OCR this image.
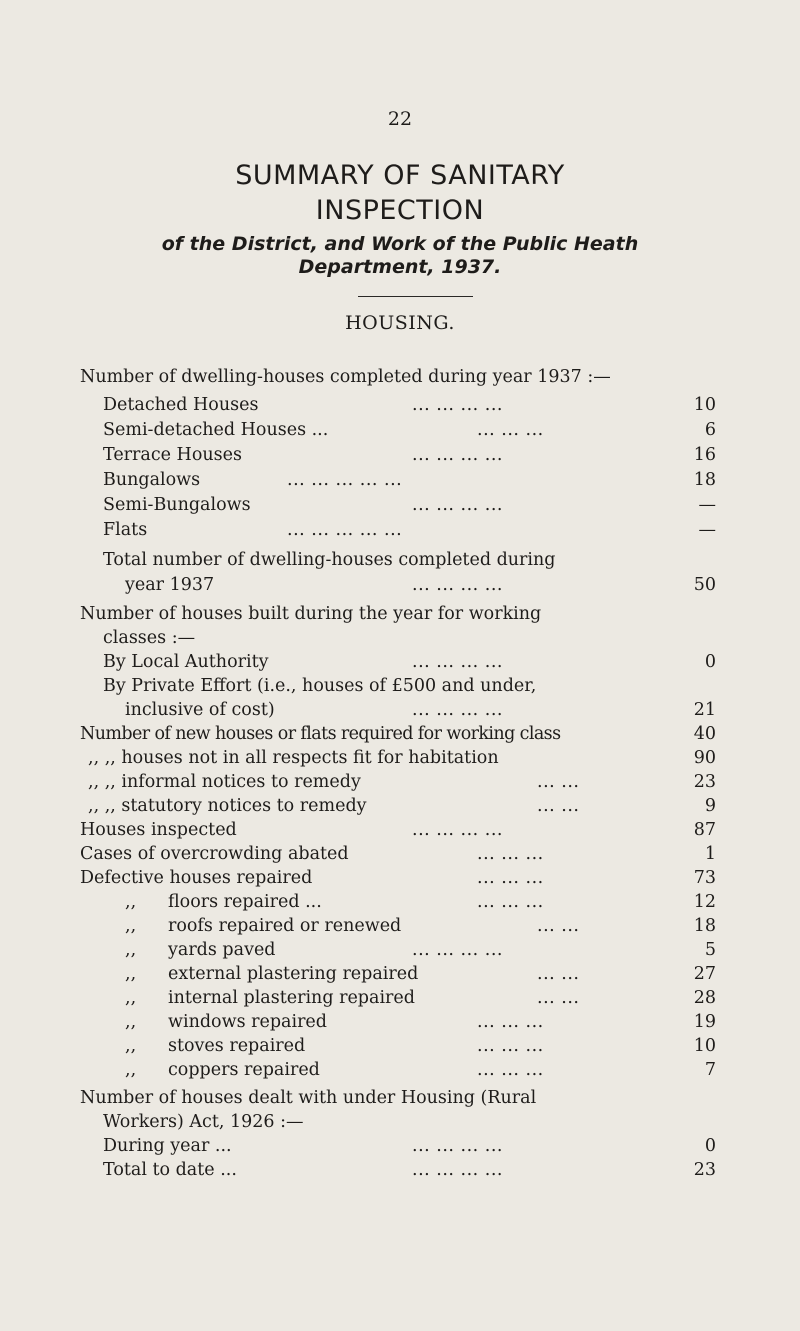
22
SUMMARY OF SANITARY
INSPECTION
of the District, and Work of the Public Heath
Department, 1937.
HOUSING.
Number of dwelling-houses completed during year 1937 :—
Detached Houses	... ... ... ...	10
Semi-detached Houses ...	... ... ...	6
Terrace Houses	... ... ... ...	16
Bungalows	... ... ... ... ...	18
Semi-Bungalows	... ... ... ...	—
Flats	... ... ... ... ...	—
Total number of dwelling-houses completed during
year 1937	... ... ... ...	50
Number of houses built during the year for working
classes :—
By Local Authority	... ... ... ...	0
By Private Effort (i.e., houses of £500 and under,
inclusive of cost)	... ... ... ...	21
Number of new houses or flats required for working class	40
,, ,, houses not in all respects fit for habitation	90
,, ,, informal notices to remedy	... ...	23
,, ,, statutory notices to remedy	... ...	9
Houses inspected	... ... ... ...	87
Cases of overcrowding abated	... ... ...	1
Defective houses repaired	... ... ...	73
,, floors repaired ...	... ... ...	12
,, roofs repaired or renewed	... ...	18
,, yards paved	... ... ... ...	5
,, external plastering repaired	... ...	27
,, internal plastering repaired	... ...	28
,, windows repaired	... ... ...	19
,, stoves repaired	... ... ...	10
,, coppers repaired	... ... ...	7
Number of houses dealt with under Housing (Rural
Workers) Act, 1926 :—
During year ...	... ... ... ...	0
Total to date ...	... ... ... ...	23
